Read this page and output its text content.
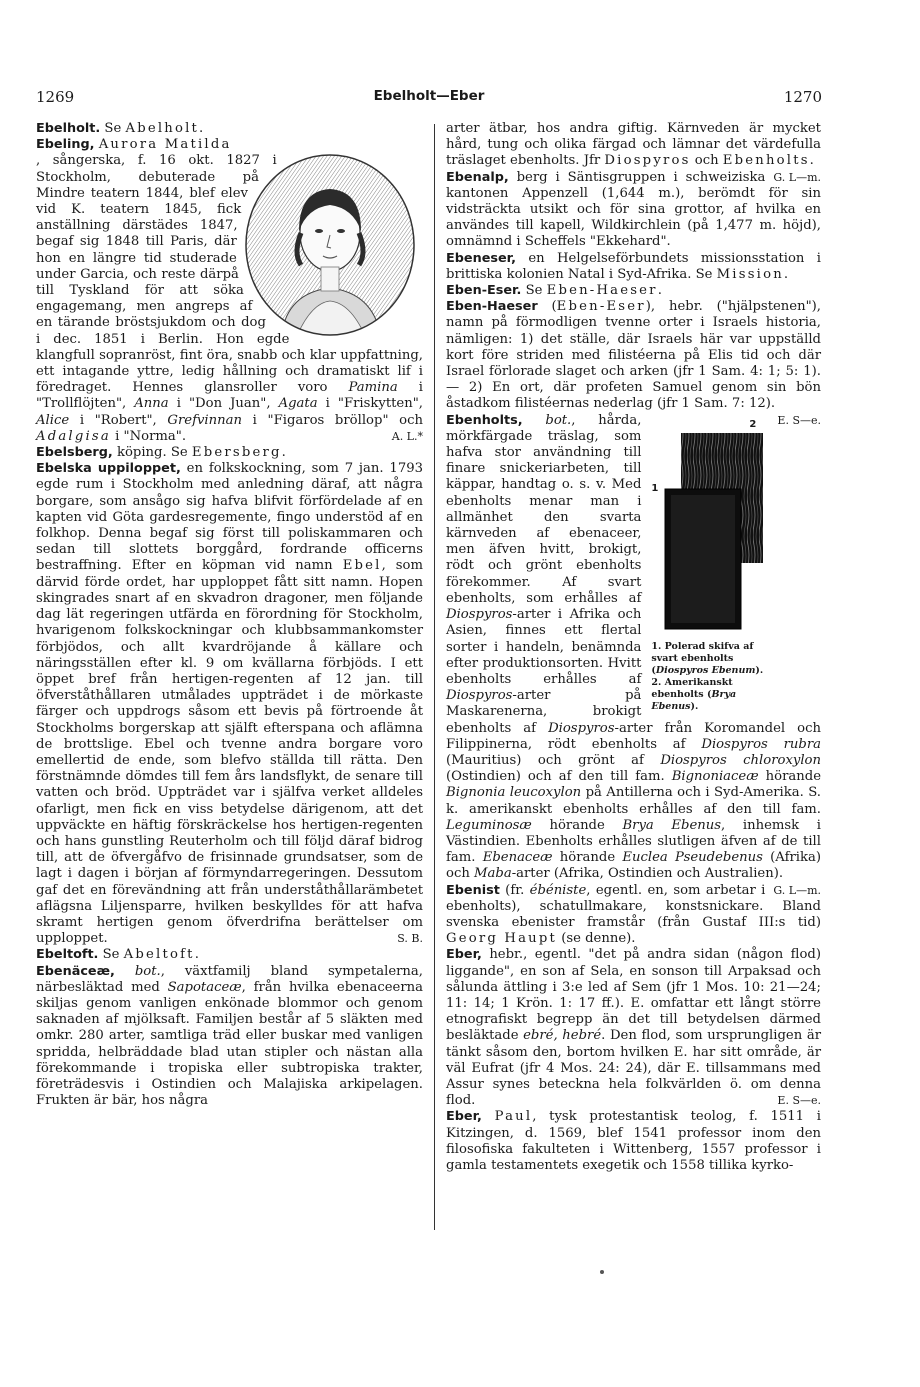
1269	Ebelholt—Eber	1270

Ebelholt. Se Abelholt.

Ebeling, Aurora Matilda

, sångerska, f. 16 okt. 1827 i Stockholm, debuterade på Mindre teatern 1844, blef elev vid K. teatern 1845, fick anställning därstädes 1847, begaf sig 1848 till Paris, där hon en längre tid studerade under Garcia, och reste därpå till Tyskland för att söka engagemang, men angreps af en tärande bröstsjukdom och dog i dec. 1851 i Berlin. Hon egde klangfull sopranröst, fint öra, snabb och klar uppfattning, ett intagande yttre, ledig hållning och dramatiskt lif i föredraget. Hennes glansroller voro Pamina i "Trollflöjten", Anna i "Don Juan", Agata i "Friskytten", Alice i "Robert", Grefvinnan i "Figaros bröllop" och Adalgisa i "Norma".	A. L.*

Ebelsberg, köping. Se Ebersberg.

Ebelska uppiloppet, en folkskockning, som 7 jan. 1793 egde rum i Stockholm med anledning däraf, att några borgare, som ansågo sig hafva blifvit förfördelade af en kapten vid Göta gardesregemente, fingo understöd af en folkhop. Denna begaf sig först till poliskammaren och sedan till slottets borggård, fordrande officerns bestraffning. Efter en köpman vid namn Ebel, som därvid förde ordet, har upploppet fått sitt namn. Hopen skingrades snart af en skvadron dragoner, men följande dag lät regeringen utfärda en förordning för Stockholm, hvarigenom folkskockningar och klubbsammankomster förbjödos, och allt kvardröjande å källare och näringsställen efter kl. 9 om kvällarna förbjöds. I ett öppet bref från hertigen-regenten af 12 jan. till öfverståthållaren utmålades uppträdet i de mörkaste färger och uppdrogs såsom ett bevis på förtroende åt Stockholms borgerskap att själft efterspana och aflämna de brottslige. Ebel och tvenne andra borgare voro emellertid de ende, som blefvo ställda till rätta. Den förstnämnde dömdes till fem års landsflykt, de senare till vatten och bröd. Uppträdet var i själfva verket alldeles ofarligt, men fick en viss betydelse därigenom, att det uppväckte en häftig förskräckelse hos hertigen-regenten och hans gunstling Reuterholm och till följd däraf bidrog till, att de öfvergåfvo de frisinnade grundsatser, som de lagt i dagen i början af förmyndarregeringen. Dessutom gaf det en förevändning att från underståthållarämbetet aflägsna Liljensparre, hvilken beskylldes för att hafva skramt hertigen genom öfverdrifna berättelser om upploppet.	S. B.

Ebeltoft. Se Abeltoft.

Ebenäceæ, bot., växtfamilj bland sympetalerna, närbesläktad med Sapotaceæ, från hvilka ebenaceerna skiljas genom vanligen enkönade blommor och genom saknaden af mjölksaft. Familjen består af 5 släkten med omkr. 280 arter, samtliga träd eller buskar med vanligen spridda, helbräddade blad utan stipler och nästan alla förekommande i tropiska eller subtropiska trakter, företrädesvis i Ostindien och Malajiska arkipelagen. Frukten är bär, hos några

arter ätbar, hos andra giftig. Kärnveden är mycket hård, tung och olika färgad och lämnar det värdefulla träslaget ebenholts. Jfr Diospyros och Ebenholts.
G. L—m.

Ebenalp, berg i Säntisgruppen i schweiziska kantonen Appenzell (1,644 m.), berömdt för sin vidsträckta utsikt och för sina grottor, af hvilka en användes till kapell, Wildkirchlein (på 1,477 m. höjd), omnämnd i Scheffels "Ekkehard".

Ebeneser, en Helgelseförbundets missionsstation i brittiska kolonien Natal i Syd-Afrika. Se Mission.

Eben-Eser. Se Eben-Haeser.

Eben-Haeser (Eben-Eser), hebr. ("hjälpstenen"), namn på förmodligen tvenne orter i Israels historia, nämligen: 1) det ställe, där Israels här var uppställd kort före striden med filistéerna på Elis tid och där Israel förlorade slaget och arken (jfr 1 Sam. 4: 1; 5: 1). — 2) En ort, där profeten Samuel genom sin bön åstadkom filistéernas nederlag (jfr 1 Sam. 7: 12).
E. S—e.

2
1
1. Polerad skifva af svart ebenholts (Diospyros Ebenum). 2. Amerikanskt ebenholts (Brya Ebenus).
Ebenholts, bot., hårda, mörkfärgade träslag, som hafva stor användning till finare snickeriarbeten, till käppar, handtag o. s. v. Med ebenholts menar man i allmänhet den svarta kärnveden af ebenaceer, men äfven hvitt, brokigt, rödt och grönt ebenholts förekommer. Af svart ebenholts, som erhålles af Diospyros-arter i Afrika och Asien, finnes ett flertal sorter i handeln, benämnda efter produktionsorten. Hvitt ebenholts erhålles af Diospyros-arter på Maskarenerna, brokigt ebenholts af Diospyros-arter från Koromandel och Filippinerna, rödt ebenholts af Diospyros rubra (Mauritius) och grönt af Diospyros chloroxylon (Ostindien) och af den till fam. Bignoniaceæ hörande Bignonia leucoxylon på Antillerna och i Syd-Amerika. S. k. amerikanskt ebenholts erhålles af den till fam. Leguminosæ hörande Brya Ebenus, inhemsk i Västindien. Ebenholts erhålles slutligen äfven af de till fam. Ebenaceæ hörande Euclea Pseudebenus (Afrika) och Maba-arter (Afrika, Ostindien och Australien).
G. L—m.

Ebenist (fr. ébéniste, egentl. en, som arbetar i ebenholts), schatullmakare, konstsnickare. Bland svenska ebenister framstår (från Gustaf III:s tid) Georg Haupt (se denne).

Eber, hebr., egentl. "det på andra sidan (någon flod) liggande", en son af Sela, en sonson till Arpaksad och sålunda ättling i 3:e led af Sem (jfr 1 Mos. 10: 21—24; 11: 14; 1 Krön. 1: 17 ff.). E. omfattar ett långt större etnografiskt begrepp än det till betydelsen därmed besläktade ebré, hebré. Den flod, som ursprungligen är tänkt såsom den, bortom hvilken E. har sitt område, är väl Eufrat (jfr 4 Mos. 24: 24), där E. tillsammans med Assur synes beteckna hela folkvärlden ö. om denna flod.	E. S—e.

Eber, Paul, tysk protestantisk teolog, f. 1511 i Kitzingen, d. 1569, blef 1541 professor inom den filosofiska fakulteten i Wittenberg, 1557 professor i gamla testamentets exegetik och 1558 tillika kyrko-
